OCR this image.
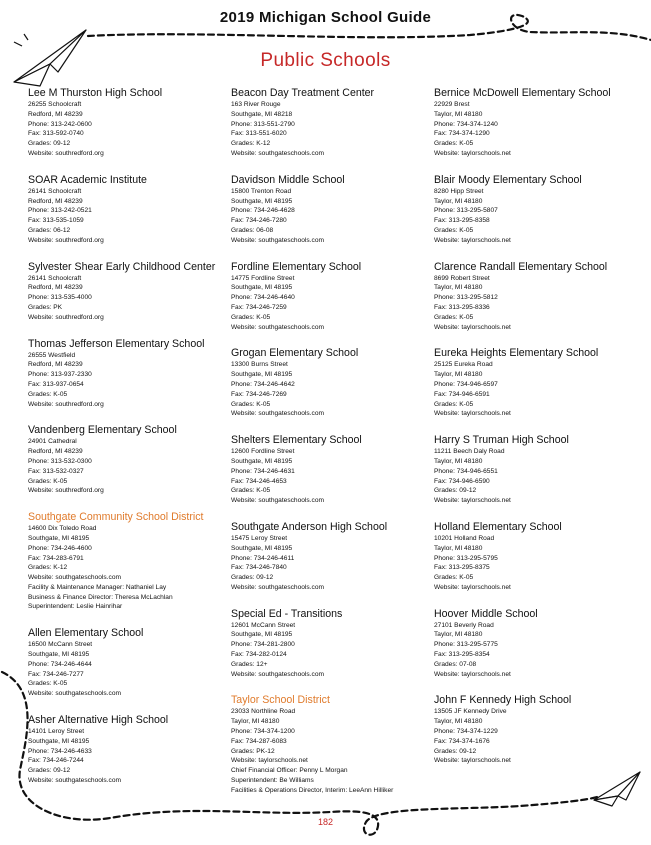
2019 Michigan School Guide
Public Schools
Lee M Thurston High School
26255 Schoolcraft
Redford, MI 48239
Phone: 313-242-0600
Fax: 313-592-0740
Grades: 09-12
Website: southredford.org
SOAR Academic Institute
26141 Schoolcraft
Redford, MI 48239
Phone: 313-242-0521
Fax: 313-535-1059
Grades: 06-12
Website: southredford.org
Sylvester Shear Early Childhood Center
26141 Schoolcraft
Redford, MI 48239
Phone: 313-535-4000
Grades: PK
Website: southredford.org
Thomas Jefferson Elementary School
26555 Westfield
Redford, MI 48239
Phone: 313-937-2330
Fax: 313-937-0654
Grades: K-05
Website: southredford.org
Vandenberg Elementary School
24901 Cathedral
Redford, MI 48239
Phone: 313-532-0300
Fax: 313-532-0327
Grades: K-05
Website: southredford.org
Southgate Community School District
14600 Dix Toledo Road
Southgate, MI 48195
Phone: 734-246-4600
Fax: 734-283-6791
Grades: K-12
Website: southgateschools.com
Facility & Maintenance Manager: Nathaniel Lay
Business & Finance Director: Theresa McLachlan
Superintendent: Leslie Hainrihar
Allen Elementary School
16500 McCann Street
Southgate, MI 48195
Phone: 734-246-4644
Fax: 734-246-7277
Grades: K-05
Website: southgateschools.com
Asher Alternative High School
14101 Leroy Street
Southgate, MI 48195
Phone: 734-246-4633
Fax: 734-246-7244
Grades: 09-12
Website: southgateschools.com
Beacon Day Treatment Center
163 River Rouge
Southgate, MI 48218
Phone: 313-551-2790
Fax: 313-551-6020
Grades: K-12
Website: southgateschools.com
Davidson Middle School
15800 Trenton Road
Southgate, MI 48195
Phone: 734-246-4628
Fax: 734-246-7280
Grades: 06-08
Website: southgateschools.com
Fordline Elementary School
14775 Fordline Street
Southgate, MI 48195
Phone: 734-246-4640
Fax: 734-246-7259
Grades: K-05
Website: southgateschools.com
Grogan Elementary School
13300 Burns Street
Southgate, MI 48195
Phone: 734-246-4642
Fax: 734-246-7269
Grades: K-05
Website: southgateschools.com
Shelters Elementary School
12600 Fordline Street
Southgate, MI 48195
Phone: 734-246-4631
Fax: 734-246-4653
Grades: K-05
Website: southgateschools.com
Southgate Anderson High School
15475 Leroy Street
Southgate, MI 48195
Phone: 734-246-4611
Fax: 734-246-7840
Grades: 09-12
Website: southgateschools.com
Special Ed - Transitions
12601 McCann Street
Southgate, MI 48195
Phone: 734-281-2800
Fax: 734-282-0124
Grades: 12+
Website: southgateschools.com
Taylor School District
23033 Northline Road
Taylor, MI 48180
Phone: 734-374-1200
Fax: 734-287-6083
Grades: PK-12
Website: taylorschools.net
Chief Financial Officer: Penny L Morgan
Superintendent: Be Williams
Facilities & Operations Director, Interim: LeeAnn Hilliker
Bernice McDowell Elementary School
22929 Brest
Taylor, MI 48180
Phone: 734-374-1240
Fax: 734-374-1290
Grades: K-05
Website: taylorschools.net
Blair Moody Elementary School
8280 Hipp Street
Taylor, MI 48180
Phone: 313-295-5807
Fax: 313-295-8358
Grades: K-05
Website: taylorschools.net
Clarence Randall Elementary School
8699 Robert Street
Taylor, MI 48180
Phone: 313-295-5812
Fax: 313-295-8336
Grades: K-05
Website: taylorschools.net
Eureka Heights Elementary School
25125 Eureka Road
Taylor, MI 48180
Phone: 734-946-6597
Fax: 734-946-6591
Grades: K-05
Website: taylorschools.net
Harry S Truman High School
11211 Beech Daly Road
Taylor, MI 48180
Phone: 734-946-6551
Fax: 734-946-6590
Grades: 09-12
Website: taylorschools.net
Holland Elementary School
10201 Holland Road
Taylor, MI 48180
Phone: 313-295-5795
Fax: 313-295-8375
Grades: K-05
Website: taylorschools.net
Hoover Middle School
27101 Beverly Road
Taylor, MI 48180
Phone: 313-295-5775
Fax: 313-295-8354
Grades: 07-08
Website: taylorschools.net
John F Kennedy High School
13505 JF Kennedy Drive
Taylor, MI 48180
Phone: 734-374-1229
Fax: 734-374-1676
Grades: 09-12
Website: taylorschools.net
182
